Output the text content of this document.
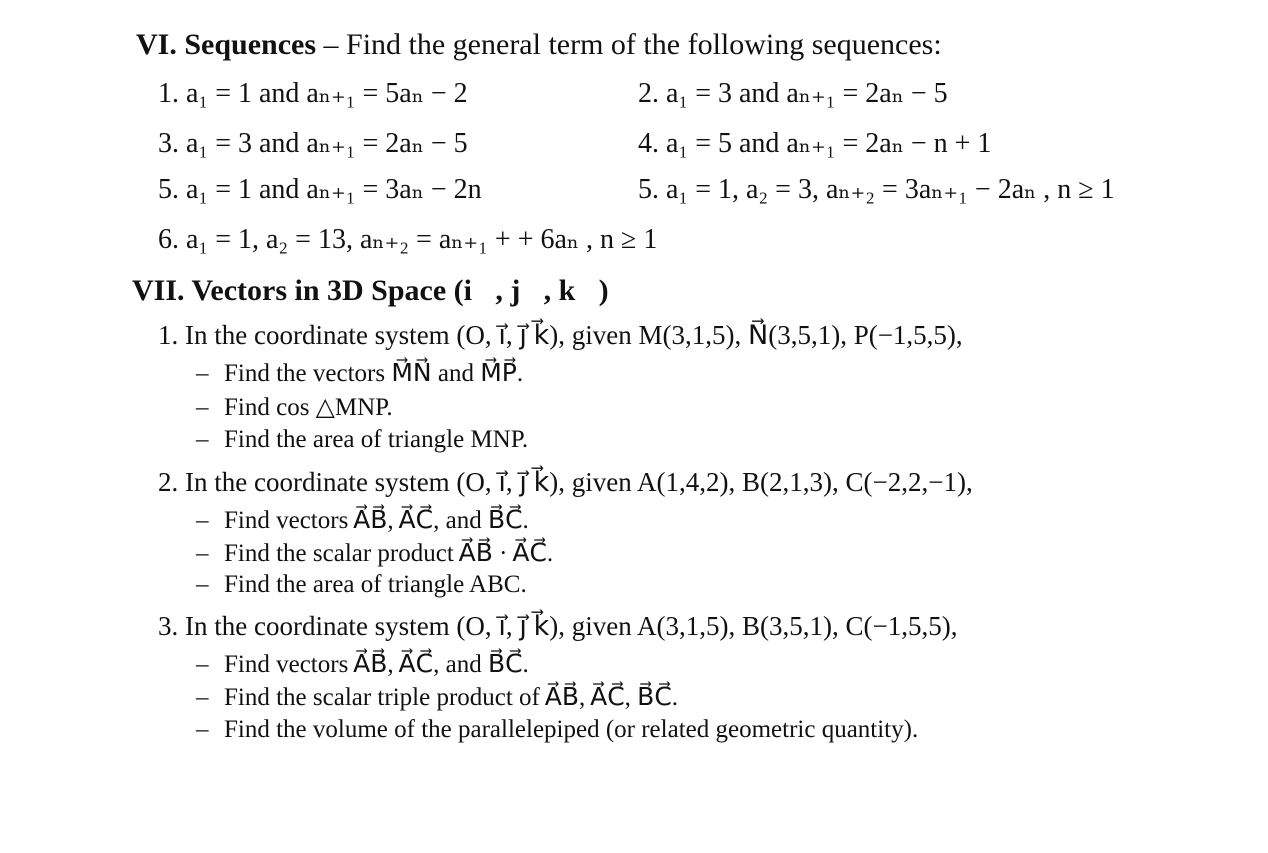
VI. Sequences – Find the general term of the following sequences:
1. a₁ = 1 and aₙ₊₁ = 5aₙ − 2	2. a₁ = 3 and aₙ₊₁ = 2aₙ − 5
3. a₁ = 3 and aₙ₊₁ = 2aₙ − 5	4. a₁ = 5 and aₙ₊₁ = 2aₙ − n + 1
5. a₁ = 1 and aₙ₊₁ = 3aₙ − 2n	5. a₁ = 1, a₂ = 3, aₙ₊₂ = 3aₙ₊₁ − 2aₙ , n ≥ 1
6. a₁ = 1, a₂ = 13, aₙ₊₂ = aₙ₊₁ + + 6aₙ , n ≥ 1
VII. Vectors in 3D Space (i⃗, j⃗, k⃗)
1. In the coordinate system (O, i⃗, j⃗ k⃗), given M(3,1,5), N⃗(3,5,1), P(−1,5,5),
– Find the vectors M⃗N⃗ and M⃗P⃗.
– Find cos △MNP.
– Find the area of triangle MNP.
2. In the coordinate system (O, i⃗, j⃗ k⃗), given A(1,4,2), B(2,1,3), C(−2,2,−1),
– Find vectors A⃗B⃗, A⃗C⃗, and B⃗C⃗.
– Find the scalar product A⃗B⃗ · A⃗C⃗.
– Find the area of triangle ABC.
3. In the coordinate system (O, i⃗, j⃗ k⃗), given A(3,1,5), B(3,5,1), C(−1,5,5),
– Find vectors A⃗B⃗, A⃗C⃗, and B⃗C⃗.
– Find the scalar triple product of A⃗B⃗, A⃗C⃗, B⃗C⃗.
– Find the volume of the parallelepiped (or related geometric quantity).
